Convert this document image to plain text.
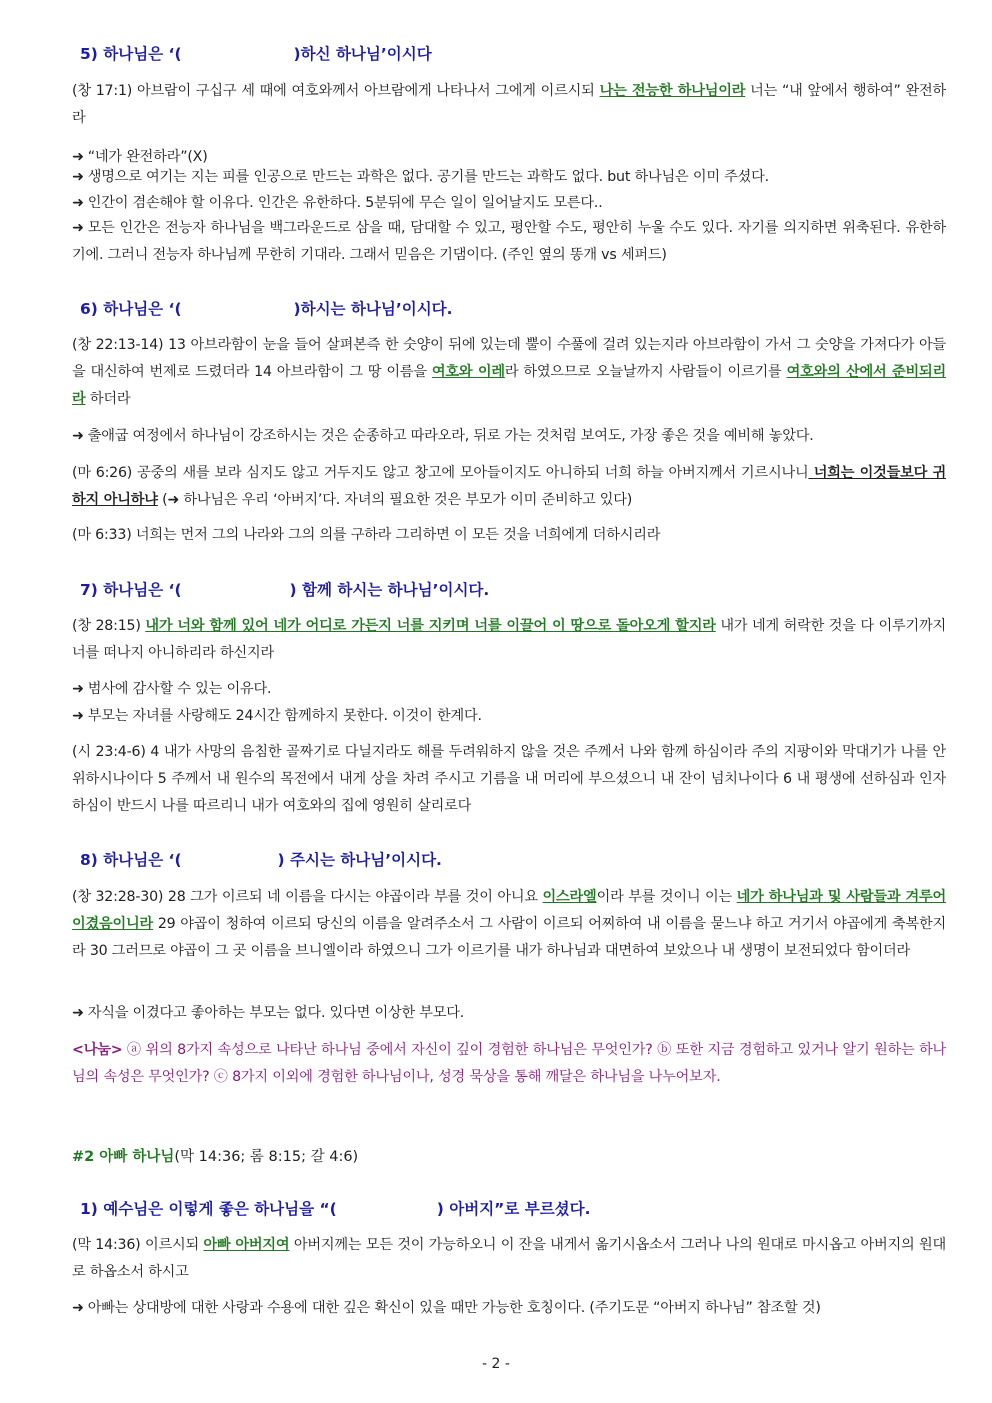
5) 하나님은 ‘(	)하신 하나님’이시다

(창 17:1) 아브람이 구십구 세 때에 여호와께서 아브람에게 나타나서 그에게 이르시되 나는 전능한 하나님이라 너는 “내 앞에서 행하여” 완전하라

➜ “네가 완전하라”(X)

➜ 생명으로 여기는 지는 피를 인공으로 만드는 과학은 없다. 공기를 만드는 과학도 없다. but 하나님은 이미 주셨다.

➜ 인간이 겸손해야 할 이유다. 인간은 유한하다. 5분뒤에 무슨 일이 일어날지도 모른다..

➜ 모든 인간은 전능자 하나님을 백그라운드로 삼을 때, 담대할 수 있고, 평안할 수도, 평안히 누울 수도 있다. 자기를 의지하면 위축된다. 유한하기에. 그러니 전능자 하나님께 무한히 기대라. 그래서 믿음은 기댐이다. (주인 옆의 똥개 vs 세퍼드)

6) 하나님은 ‘(	)하시는 하나님’이시다.

(창 22:13-14) 13 아브라함이 눈을 들어 살펴본즉 한 숫양이 뒤에 있는데 뿔이 수풀에 걸려 있는지라 아브라함이 가서 그 숫양을 가져다가 아들을 대신하여 번제로 드렸더라 14 아브라함이 그 땅 이름을 여호와 이레라 하였으므로 오늘날까지 사람들이 이르기를 여호와의 산에서 준비되리라 하더라

➜ 출애굽 여정에서 하나님이 강조하시는 것은 순종하고 따라오라, 뒤로 가는 것처럼 보여도, 가장 좋은 것을 예비해 놓았다.

(마 6:26) 공중의 새를 보라 심지도 않고 거두지도 않고 창고에 모아들이지도 아니하되 너희 하늘 아버지께서 기르시나니 너희는 이것들보다 귀하지 아니하냐 (➜ 하나님은 우리 ‘아버지’다. 자녀의 필요한 것은 부모가 이미 준비하고 있다)

(마 6:33) 너희는 먼저 그의 나라와 그의 의를 구하라 그리하면 이 모든 것을 너희에게 더하시리라

7) 하나님은 ‘(	) 함께 하시는 하나님’이시다.

(창 28:15) 내가 너와 함께 있어 네가 어디로 가든지 너를 지키며 너를 이끌어 이 땅으로 돌아오게 할지라 내가 네게 허락한 것을 다 이루기까지 너를 떠나지 아니하리라 하신지라

➜ 범사에 감사할 수 있는 이유다.

➜ 부모는 자녀를 사랑해도 24시간 함께하지 못한다. 이것이 한계다.

(시 23:4-6) 4 내가 사망의 음침한 골짜기로 다닐지라도 해를 두려워하지 않을 것은 주께서 나와 함께 하심이라 주의 지팡이와 막대기가 나를 안위하시나이다 5 주께서 내 원수의 목전에서 내게 상을 차려 주시고 기름을 내 머리에 부으셨으니 내 잔이 넘치나이다 6 내 평생에 선하심과 인자하심이 반드시 나를 따르리니 내가 여호와의 집에 영원히 살리로다

8) 하나님은 ‘(	) 주시는 하나님’이시다.

(창 32:28-30) 28 그가 이르되 네 이름을 다시는 야곱이라 부를 것이 아니요 이스라엘이라 부를 것이니 이는 네가 하나님과 및 사람들과 겨루어 이겼음이니라 29 야곱이 청하여 이르되 당신의 이름을 알려주소서 그 사람이 이르되 어찌하여 내 이름을 묻느냐 하고 거기서 야곱에게 축복한지라 30 그러므로 야곱이 그 곳 이름을 브니엘이라 하였으니 그가 이르기를 내가 하나님과 대면하여 보았으나 내 생명이 보전되었다 함이더라

➜ 자식을 이겼다고 좋아하는 부모는 없다. 있다면 이상한 부모다.

<나눔> ⓐ 위의 8가지 속성으로 나타난 하나님 중에서 자신이 깊이 경험한 하나님은 무엇인가? ⓑ 또한 지금 경험하고 있거나 알기 원하는 하나님의 속성은 무엇인가? ⓒ 8가지 이외에 경험한 하나님이나, 성경 묵상을 통해 깨달은 하나님을 나누어보자.

#2 아빠 하나님(막 14:36; 롬 8:15; 갈 4:6)
1) 예수님은 이렇게 좋은 하나님을 “(	) 아버지”로 부르셨다.

(막 14:36) 이르시되 아빠 아버지여 아버지께는 모든 것이 가능하오니 이 잔을 내게서 옮기시옵소서 그러나 나의 원대로 마시옵고 아버지의 원대로 하옵소서 하시고

➜ 아빠는 상대방에 대한 사랑과 수용에 대한 깊은 확신이 있을 때만 가능한 호칭이다. (주기도문 “아버지 하나님” 참조할 것)

- 2 -
